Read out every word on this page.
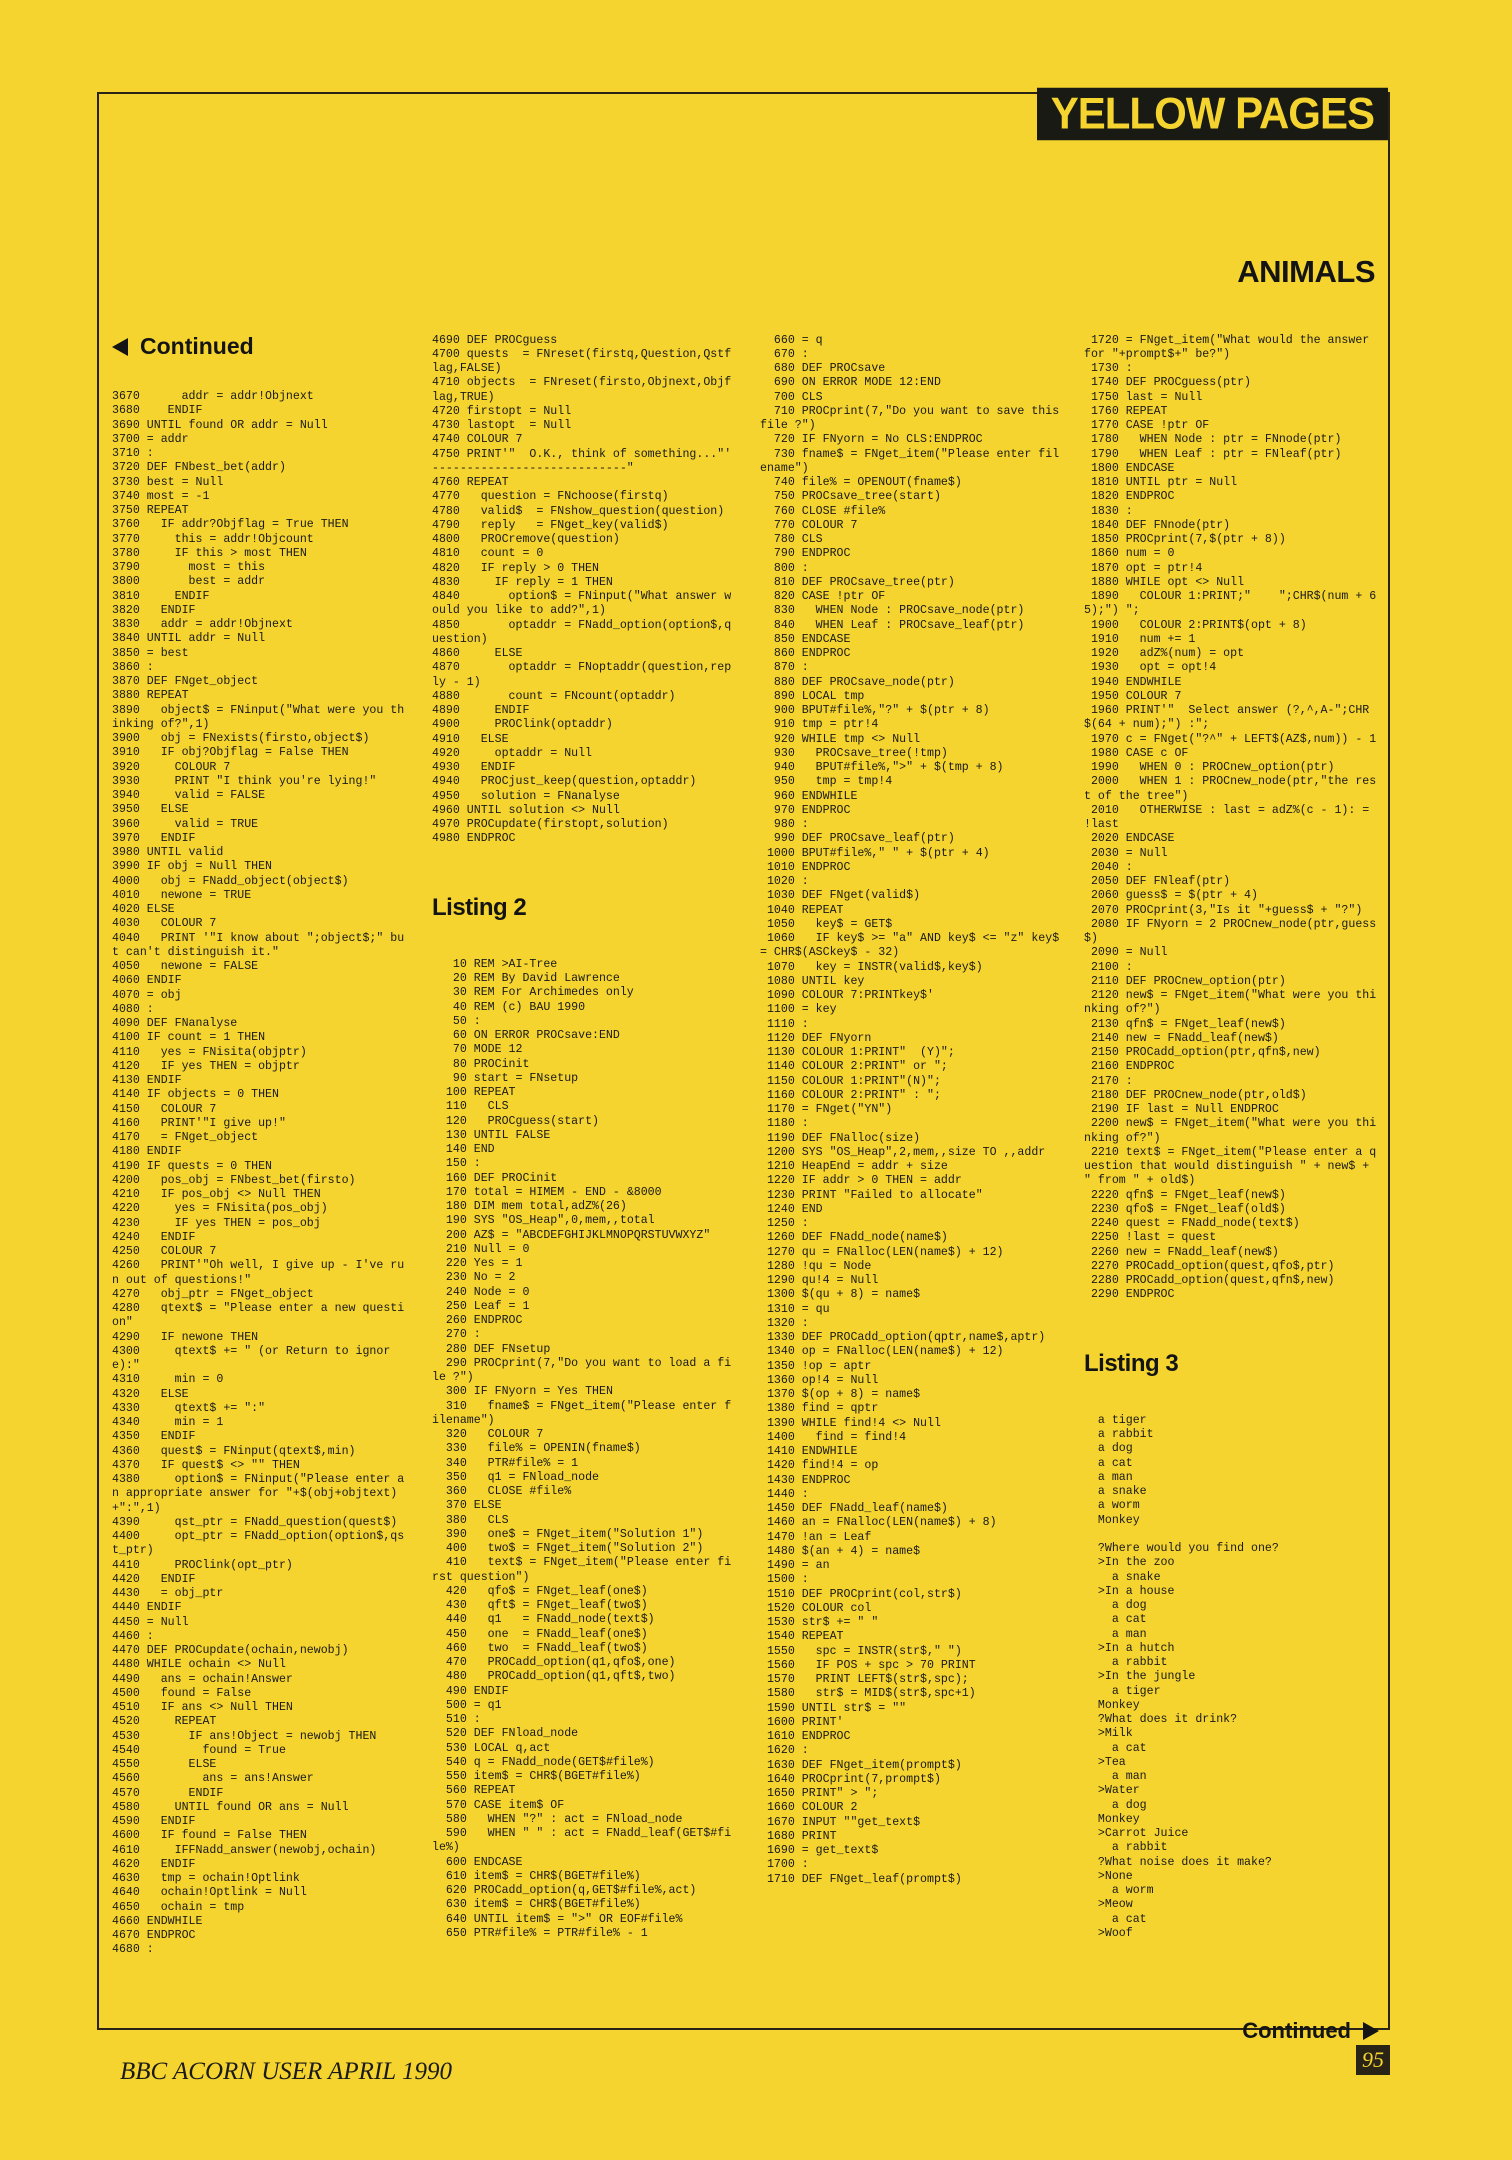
YELLOW PAGES
ANIMALS

Continued

3670      addr = addr!Objnext
3680    ENDIF
3690 UNTIL found OR addr = Null
3700 = addr
3710 :
3720 DEF FNbest_bet(addr)
3730 best = Null
3740 most = -1
3750 REPEAT
3760   IF addr?Objflag = True THEN
3770     this = addr!Objcount
3780     IF this > most THEN
3790       most = this
3800       best = addr
3810     ENDIF
3820   ENDIF
3830   addr = addr!Objnext
3840 UNTIL addr = Null
3850 = best
3860 :
3870 DEF FNget_object
3880 REPEAT
3890   object$ = FNinput("What were you thinking of?",1)
3900   obj = FNexists(firsto,object$)
3910   IF obj?Objflag = False THEN
3920     COLOUR 7
3930     PRINT "I think you're lying!"
3940     valid = FALSE
3950   ELSE
3960     valid = TRUE
3970   ENDIF
3980 UNTIL valid
3990 IF obj = Null THEN
4000   obj = FNadd_object(object$)
4010   newone = TRUE
4020 ELSE
4030   COLOUR 7
4040   PRINT '"I know about ";object$;" but can't distinguish it."
4050   newone = FALSE
4060 ENDIF
4070 = obj
4080 :
4090 DEF FNanalyse
4100 IF count = 1 THEN
4110   yes = FNisita(objptr)
4120   IF yes THEN = objptr
4130 ENDIF
4140 IF objects = 0 THEN
4150   COLOUR 7
4160   PRINT'"I give up!"
4170   = FNget_object
4180 ENDIF
4190 IF quests = 0 THEN
4200   pos_obj = FNbest_bet(firsto)
4210   IF pos_obj <> Null THEN
4220     yes = FNisita(pos_obj)
4230     IF yes THEN = pos_obj
4240   ENDIF
4250   COLOUR 7
4260   PRINT'"Oh well, I give up - I've run out of questions!"
4270   obj_ptr = FNget_object
4280   qtext$ = "Please enter a new question"
4290   IF newone THEN
4300     qtext$ += " (or Return to ignore):"
4310     min = 0
4320   ELSE
4330     qtext$ += ":"
4340     min = 1
4350   ENDIF
4360   quest$ = FNinput(qtext$,min)
4370   IF quest$ <> "" THEN
4380     option$ = FNinput("Please enter an appropriate answer for "+$(obj+objtext)+":",1)
4390     qst_ptr = FNadd_question(quest$)
4400     opt_ptr = FNadd_option(option$,qst_ptr)
4410     PROClink(opt_ptr)
4420   ENDIF
4430   = obj_ptr
4440 ENDIF
4450 = Null
4460 :
4470 DEF PROCupdate(ochain,newobj)
4480 WHILE ochain <> Null
4490   ans = ochain!Answer
4500   found = False
4510   IF ans <> Null THEN
4520     REPEAT
4530       IF ans!Object = newobj THEN
4540         found = True
4550       ELSE
4560         ans = ans!Answer
4570       ENDIF
4580     UNTIL found OR ans = Null
4590   ENDIF
4600   IF found = False THEN
4610     IFFNadd_answer(newobj,ochain)
4620   ENDIF
4630   tmp = ochain!Optlink
4640   ochain!Optlink = Null
4650   ochain = tmp
4660 ENDWHILE
4670 ENDPROC
4680 :

4690 DEF PROCguess
4700 quests  = FNreset(firstq,Question,Qstflag,FALSE)
4710 objects  = FNreset(firsto,Objnext,Objflag,TRUE)
4720 firstopt = Null
4730 lastopt  = Null
4740 COLOUR 7
4750 PRINT'"  O.K., think of something..."' ----------------------------"
4760 REPEAT
4770   question = FNchoose(firstq)
4780   valid$  = FNshow_question(question)
4790   reply   = FNget_key(valid$)
4800   PROCremove(question)
4810   count = 0
4820   IF reply > 0 THEN
4830     IF reply = 1 THEN
4840       option$ = FNinput("What answer would you like to add?",1)
4850       optaddr = FNadd_option(option$,question)
4860     ELSE
4870       optaddr = FNoptaddr(question,reply - 1)
4880       count = FNcount(optaddr)
4890     ENDIF
4900     PROClink(optaddr)
4910   ELSE
4920     optaddr = Null
4930   ENDIF
4940   PROCjust_keep(question,optaddr)
4950   solution = FNanalyse
4960 UNTIL solution <> Null
4970 PROCupdate(firstopt,solution)
4980 ENDPROC

Listing 2

10 REM >AI-Tree
20 REM By David Lawrence
30 REM For Archimedes only
40 REM (c) BAU 1990
50 :
60 ON ERROR PROCsave:END
70 MODE 12
80 PROCinit
90 start = FNsetup
100 REPEAT
110   CLS
120   PROCguess(start)
130 UNTIL FALSE
140 END
150 :
160 DEF PROCinit
170 total = HIMEM - END - &8000
180 DIM mem total,adZ%(26)
190 SYS "OS_Heap",0,mem,,total
200 AZ$ = "ABCDEFGHIJKLMNOPQRSTUVWXYZ"
210 Null = 0
220 Yes = 1
230 No = 2
240 Node = 0
250 Leaf = 1
260 ENDPROC
270 :
280 DEF FNsetup
290 PROCprint(7,"Do you want to load a file ?")
300 IF FNyorn = Yes THEN
310   fname$ = FNget_item("Please enter filename")
320   COLOUR 7
330   file% = OPENIN(fname$)
340   PTR#file% = 1
350   q1 = FNload_node
360   CLOSE #file%
370 ELSE
380   CLS
390   one$ = FNget_item("Solution 1")
400   two$ = FNget_item("Solution 2")
410   text$ = FNget_item("Please enter first question")
420   qfo$ = FNget_leaf(one$)
430   qft$ = FNget_leaf(two$)
440   q1   = FNadd_node(text$)
450   one  = FNadd_leaf(one$)
460   two  = FNadd_leaf(two$)
470   PROCadd_option(q1,qfo$,one)
480   PROCadd_option(q1,qft$,two)
490 ENDIF
500 = q1
510 :
520 DEF FNload_node
530 LOCAL q,act
540 q = FNadd_node(GET$#file%)
550 item$ = CHR$(BGET#file%)
560 REPEAT
570 CASE item$ OF
580   WHEN "?" : act = FNload_node
590   WHEN " " : act = FNadd_leaf(GET$#file%)
600 ENDCASE
610 item$ = CHR$(BGET#file%)
620 PROCadd_option(q,GET$#file%,act)
630 item$ = CHR$(BGET#file%)
640 UNTIL item$ = ">" OR EOF#file%
650 PTR#file% = PTR#file% - 1

660 = q
670 :
680 DEF PROCsave
690 ON ERROR MODE 12:END
700 CLS
710 PROCprint(7,"Do you want to save this file ?")
720 IF FNyorn = No CLS:ENDPROC
730 fname$ = FNget_item("Please enter filename")
740 file% = OPENOUT(fname$)
750 PROCsave_tree(start)
760 CLOSE #file%
770 COLOUR 7
780 CLS
790 ENDPROC
800 :
810 DEF PROCsave_tree(ptr)
820 CASE !ptr OF
830   WHEN Node : PROCsave_node(ptr)
840   WHEN Leaf : PROCsave_leaf(ptr)
850 ENDCASE
860 ENDPROC
870 :
880 DEF PROCsave_node(ptr)
890 LOCAL tmp
900 BPUT#file%,"?" + $(ptr + 8)
910 tmp = ptr!4
920 WHILE tmp <> Null
930   PROCsave_tree(!tmp)
940   BPUT#file%,">" + $(tmp + 8)
950   tmp = tmp!4
960 ENDWHILE
970 ENDPROC
980 :
990 DEF PROCsave_leaf(ptr)
1000 BPUT#file%," " + $(ptr + 4)
1010 ENDPROC
1020 :
1030 DEF FNget(valid$)
1040 REPEAT
1050   key$ = GET$
1060   IF key$ >= "a" AND key$ <= "z" key$ = CHR$(ASCkey$ - 32)
1070   key = INSTR(valid$,key$)
1080 UNTIL key
1090 COLOUR 7:PRINTkey$'
1100 = key
1110 :
1120 DEF FNyorn
1130 COLOUR 1:PRINT"  (Y)";
1140 COLOUR 2:PRINT" or ";
1150 COLOUR 1:PRINT"(N)";
1160 COLOUR 2:PRINT" : ";
1170 = FNget("YN")
1180 :
1190 DEF FNalloc(size)
1200 SYS "OS_Heap",2,mem,,size TO ,,addr
1210 HeapEnd = addr + size
1220 IF addr > 0 THEN = addr
1230 PRINT "Failed to allocate"
1240 END
1250 :
1260 DEF FNadd_node(name$)
1270 qu = FNalloc(LEN(name$) + 12)
1280 !qu = Node
1290 qu!4 = Null
1300 $(qu + 8) = name$
1310 = qu
1320 :
1330 DEF PROCadd_option(qptr,name$,aptr)
1340 op = FNalloc(LEN(name$) + 12)
1350 !op = aptr
1360 op!4 = Null
1370 $(op + 8) = name$
1380 find = qptr
1390 WHILE find!4 <> Null
1400   find = find!4
1410 ENDWHILE
1420 find!4 = op
1430 ENDPROC
1440 :
1450 DEF FNadd_leaf(name$)
1460 an = FNalloc(LEN(name$) + 8)
1470 !an = Leaf
1480 $(an + 4) = name$
1490 = an
1500 :
1510 DEF PROCprint(col,str$)
1520 COLOUR col
1530 str$ += " "
1540 REPEAT
1550   spc = INSTR(str$," ")
1560   IF POS + spc > 70 PRINT
1570   PRINT LEFT$(str$,spc);
1580   str$ = MID$(str$,spc+1)
1590 UNTIL str$ = ""
1600 PRINT'
1610 ENDPROC
1620 :
1630 DEF FNget_item(prompt$)
1640 PROCprint(7,prompt$)
1650 PRINT" > ";
1660 COLOUR 2
1670 INPUT ""get_text$
1680 PRINT
1690 = get_text$
1700 :
1710 DEF FNget_leaf(prompt$)

1720 = FNget_item("What would the answer for "+prompt$+" be?")
1730 :
1740 DEF PROCguess(ptr)
1750 last = Null
1760 REPEAT
1770 CASE !ptr OF
1780   WHEN Node : ptr = FNnode(ptr)
1790   WHEN Leaf : ptr = FNleaf(ptr)
1800 ENDCASE
1810 UNTIL ptr = Null
1820 ENDPROC
1830 :
1840 DEF FNnode(ptr)
1850 PROCprint(7,$(ptr + 8))
1860 num = 0
1870 opt = ptr!4
1880 WHILE opt <> Null
1890   COLOUR 1:PRINT;"    ";CHR$(num + 65);") ";
1900   COLOUR 2:PRINT$(opt + 8)
1910   num += 1
1920   adZ%(num) = opt
1930   opt = opt!4
1940 ENDWHILE
1950 COLOUR 7
1960 PRINT'"  Select answer (?,^,A-";CHR$(64 + num);") :";
1970 c = FNget("?^" + LEFT$(AZ$,num)) - 1
1980 CASE c OF
1990   WHEN 0 : PROCnew_option(ptr)
2000   WHEN 1 : PROCnew_node(ptr,"the rest of the tree")
2010   OTHERWISE : last = adZ%(c - 1): = !last
2020 ENDCASE
2030 = Null
2040 :
2050 DEF FNleaf(ptr)
2060 guess$ = $(ptr + 4)
2070 PROCprint(3,"Is it "+guess$ + "?")
2080 IF FNyorn = 2 PROCnew_node(ptr,guess$)
2090 = Null
2100 :
2110 DEF PROCnew_option(ptr)
2120 new$ = FNget_item("What were you thinking of?")
2130 qfn$ = FNget_leaf(new$)
2140 new = FNadd_leaf(new$)
2150 PROCadd_option(ptr,qfn$,new)
2160 ENDPROC
2170 :
2180 DEF PROCnew_node(ptr,old$)
2190 IF last = Null ENDPROC
2200 new$ = FNget_item("What were you thinking of?")
2210 text$ = FNget_item("Please enter a question that would distinguish " + new$ + " from " + old$)
2220 qfn$ = FNget_leaf(new$)
2230 qfo$ = FNget_leaf(old$)
2240 quest = FNadd_node(text$)
2250 !last = quest
2260 new = FNadd_leaf(new$)
2270 PROCadd_option(quest,qfo$,ptr)
2280 PROCadd_option(quest,qfn$,new)
2290 ENDPROC

Listing 3

a tiger
a rabbit
a dog
a cat
a man
a snake
a worm
Monkey

?Where would you find one?
>In the zoo
a snake
>In a house
a dog
a cat
a man
>In a hutch
a rabbit
>In the jungle
a tiger
Monkey
?What does it drink?
>Milk
a cat
>Tea
a man
>Water
a dog
Monkey
>Carrot Juice
a rabbit
?What noise does it make?
>None
a worm
>Meow
a cat
>Woof

Continued
BBC ACORN USER APRIL 1990	95
